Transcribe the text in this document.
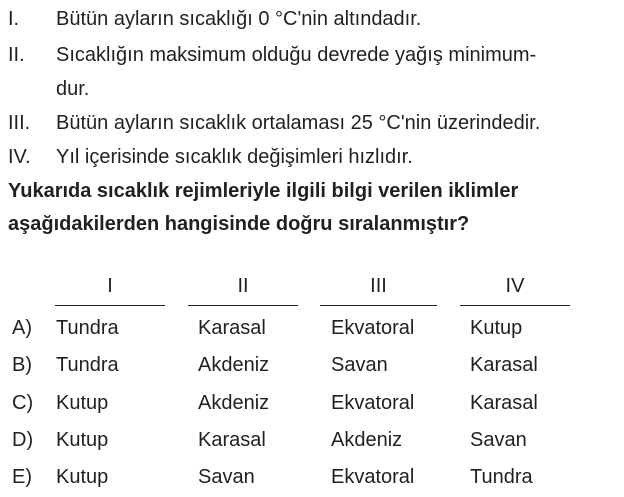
I. Bütün ayların sıcaklığı 0 °C'nin altındadır.
II. Sıcaklığın maksimum olduğu devrede yağış minimum-
dur.
III. Bütün ayların sıcaklık ortalaması 25 °C'nin üzerindedir.
IV. Yıl içerisinde sıcaklık değişimleri hızlıdır.
Yukarıda sıcaklık rejimleriyle ilgili bilgi verilen iklimler
aşağıdakilerden hangisinde doğru sıralanmıştır?
I	II	III	IV
A) Tundra	Karasal	Ekvatoral	Kutup
B) Tundra	Akdeniz	Savan	Karasal
C) Kutup	Akdeniz	Ekvatoral	Karasal
D) Kutup	Karasal	Akdeniz	Savan
E) Kutup	Savan	Ekvatoral	Tundra
